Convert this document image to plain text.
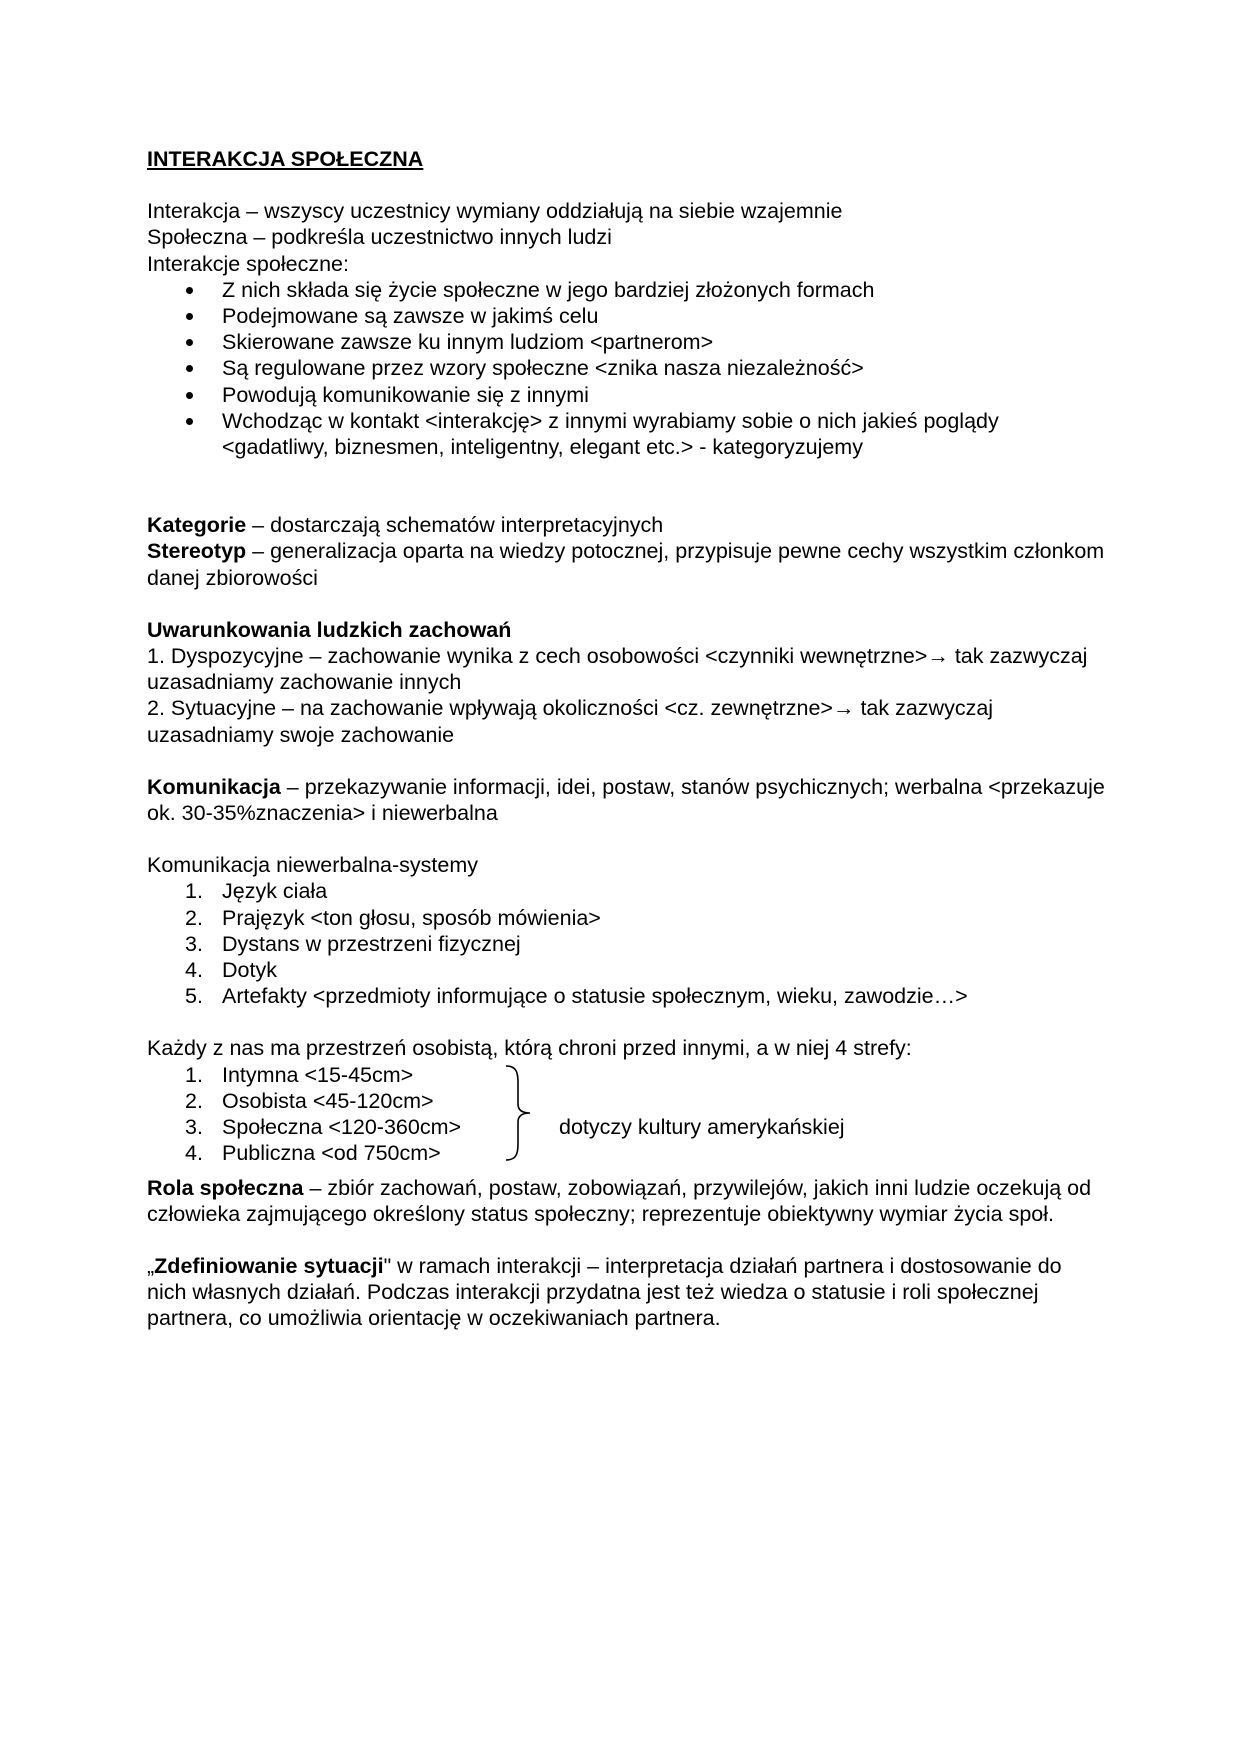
INTERAKCJA SPOŁECZNA

Interakcja – wszyscy uczestnicy wymiany oddziałują na siebie wzajemnie

Społeczna – podkreśla uczestnictwo innych ludzi

Interakcje społeczne:

Z nich składa się życie społeczne w jego bardziej złożonych formach
Podejmowane są zawsze w jakimś celu
Skierowane zawsze ku innym ludziom <partnerom>
Są regulowane przez wzory społeczne <znika nasza niezależność>
Powodują komunikowanie się z innymi
Wchodząc w kontakt <interakcję> z innymi wyrabiamy sobie o nich jakieś poglądy <gadatliwy, biznesmen, inteligentny, elegant etc.> - kategoryzujemy

Kategorie – dostarczają schematów interpretacyjnych

Stereotyp – generalizacja oparta na wiedzy potocznej, przypisuje pewne cechy wszystkim członkom danej zbiorowości

Uwarunkowania ludzkich zachowań

1. Dyspozycyjne – zachowanie wynika z cech osobowości <czynniki wewnętrzne>→ tak zazwyczaj uzasadniamy zachowanie innych

2. Sytuacyjne – na zachowanie wpływają okoliczności <cz. zewnętrzne>→ tak zazwyczaj uzasadniamy swoje zachowanie

Komunikacja – przekazywanie informacji, idei, postaw, stanów psychicznych; werbalna <przekazuje ok. 30-35%znaczenia> i niewerbalna

Komunikacja niewerbalna-systemy

1. Język ciała
2. Prajęzyk <ton głosu, sposób mówienia>
3. Dystans w przestrzeni fizycznej
4. Dotyk
5. Artefakty <przedmioty informujące o statusie społecznym, wieku, zawodzie…>

Każdy z nas ma przestrzeń osobistą, którą chroni przed innymi, a w niej 4 strefy:

1. Intymna <15-45cm>
2. Osobista <45-120cm>
3. Społeczna <120-360cm>
4. Publiczna <od 750cm>
dotyczy kultury amerykańskiej

Rola społeczna – zbiór zachowań, postaw, zobowiązań, przywilejów, jakich inni ludzie oczekują od człowieka zajmującego określony status społeczny; reprezentuje obiektywny wymiar życia społ.

„Zdefiniowanie sytuacji" w ramach interakcji – interpretacja działań partnera i dostosowanie do nich własnych działań. Podczas interakcji przydatna jest też wiedza o statusie i roli społecznej partnera, co umożliwia orientację w oczekiwaniach partnera.
